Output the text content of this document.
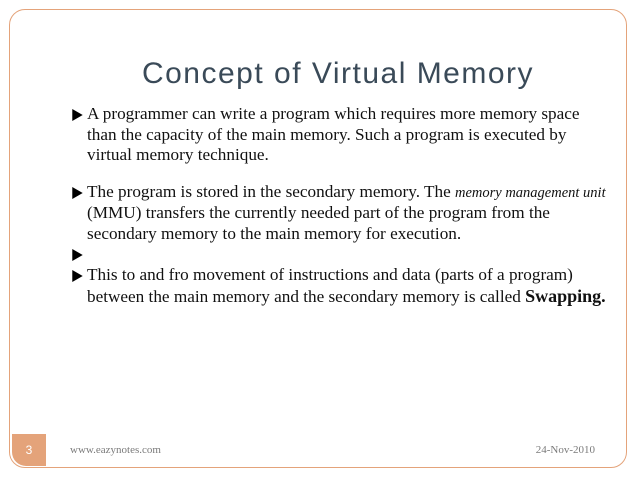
Concept of Virtual Memory
A programmer can write a program which requires more memory space than the capacity of the main memory. Such a program is executed by virtual memory technique.
The program is stored in the secondary memory. The memory management unit (MMU) transfers the currently needed part of the program from the secondary memory to the main memory for execution.
This to and fro movement of instructions and data (parts of a program) between the main memory and the secondary memory is called Swapping.
3	www.eazynotes.com	24-Nov-2010
